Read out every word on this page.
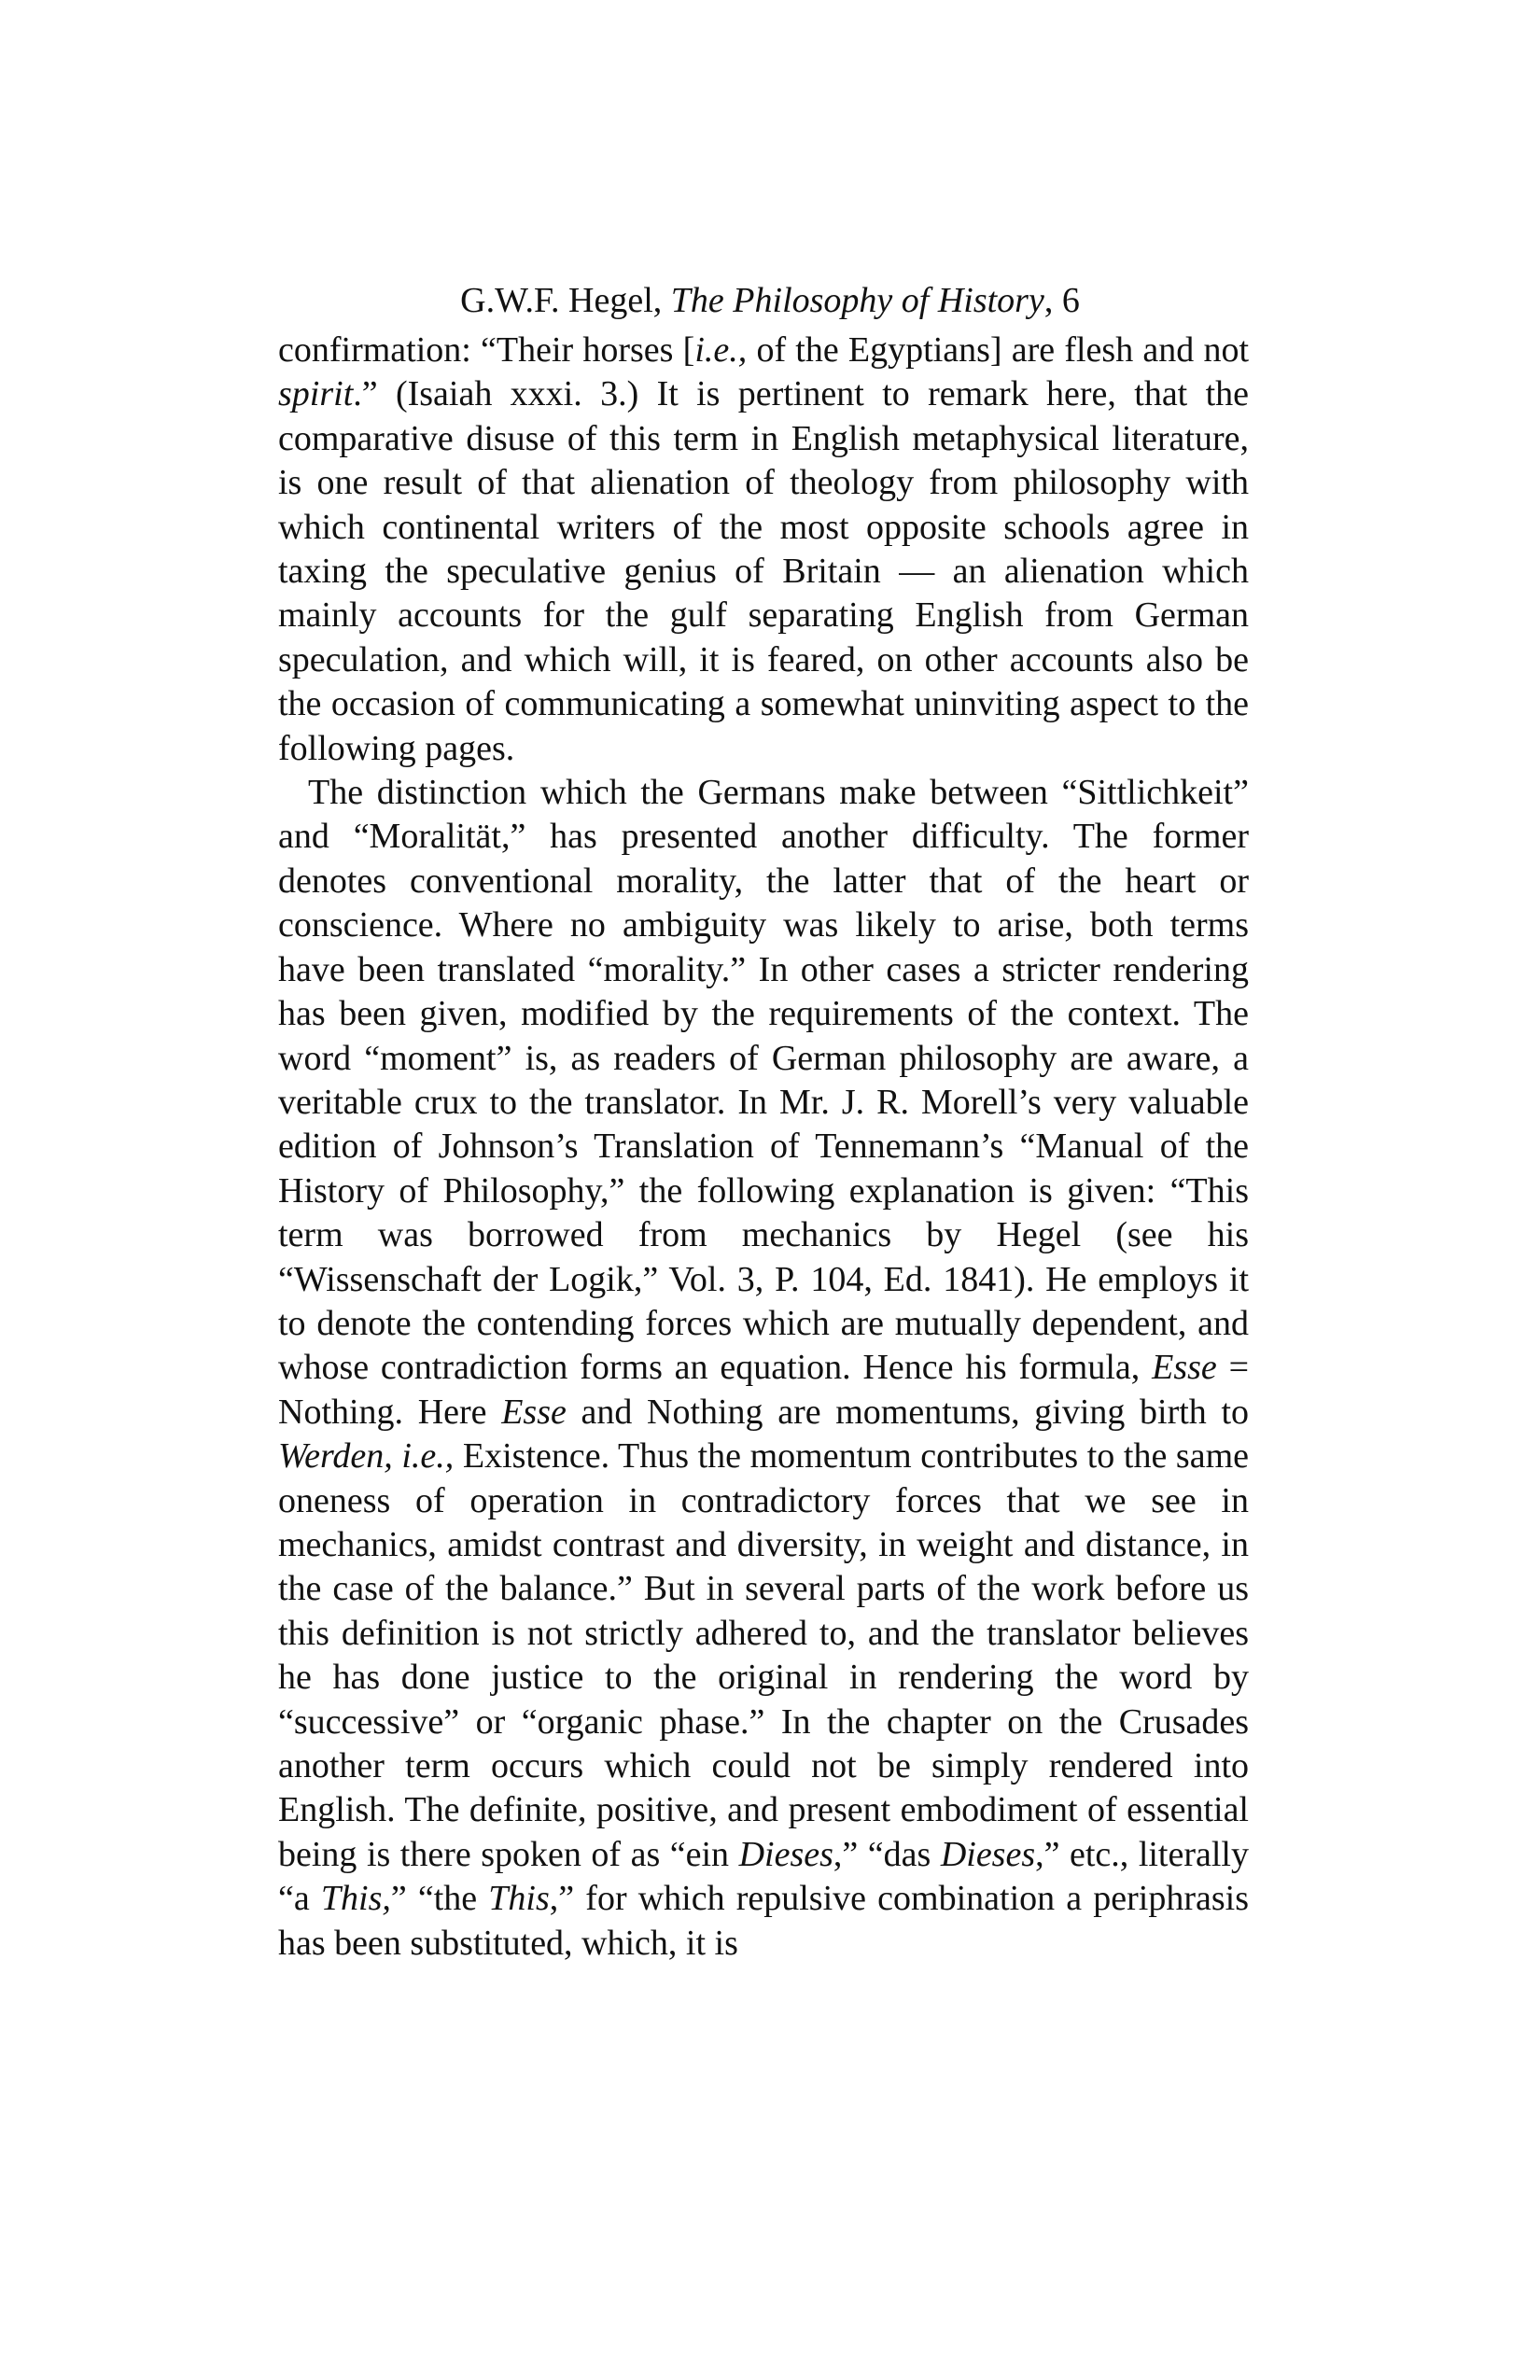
G.W.F. Hegel, The Philosophy of History, 6

confirmation: “Their horses [i.e., of the Egyptians] are flesh and not spirit.” (Isaiah xxxi. 3.) It is pertinent to remark here, that the comparative disuse of this term in English metaphysical literature, is one result of that alienation of theology from philosophy with which continental writers of the most opposite schools agree in taxing the speculative genius of Britain — an alienation which mainly accounts for the gulf separating English from German speculation, and which will, it is feared, on other accounts also be the occasion of communicating a somewhat uninviting aspect to the following pages.

The distinction which the Germans make between “Sittlichkeit” and “Moralität,” has presented another difficulty. The former denotes conventional morality, the latter that of the heart or conscience. Where no ambiguity was likely to arise, both terms have been translated “morality.” In other cases a stricter rendering has been given, modified by the requirements of the context. The word “moment” is, as readers of German philosophy are aware, a veritable crux to the translator. In Mr. J. R. Morell’s very valuable edition of Johnson’s Translation of Tennemann’s “Manual of the History of Philosophy,” the following explanation is given: “This term was borrowed from mechanics by Hegel (see his “Wissenschaft der Logik,” Vol. 3, P. 104, Ed. 1841). He employs it to denote the contending forces which are mutually dependent, and whose contradiction forms an equation. Hence his formula, Esse = Nothing. Here Esse and Nothing are momentums, giving birth to Werden, i.e., Existence. Thus the momentum contributes to the same oneness of operation in contradictory forces that we see in mechanics, amidst contrast and diversity, in weight and distance, in the case of the balance.” But in several parts of the work before us this definition is not strictly adhered to, and the translator believes he has done justice to the original in rendering the word by “successive” or “organic phase.” In the chapter on the Crusades another term occurs which could not be simply rendered into English. The definite, positive, and present embodiment of essential being is there spoken of as “ein Dieses,” “das Dieses,” etc., literally “a This,” “the This,” for which repulsive combination a periphrasis has been substituted, which, it is
